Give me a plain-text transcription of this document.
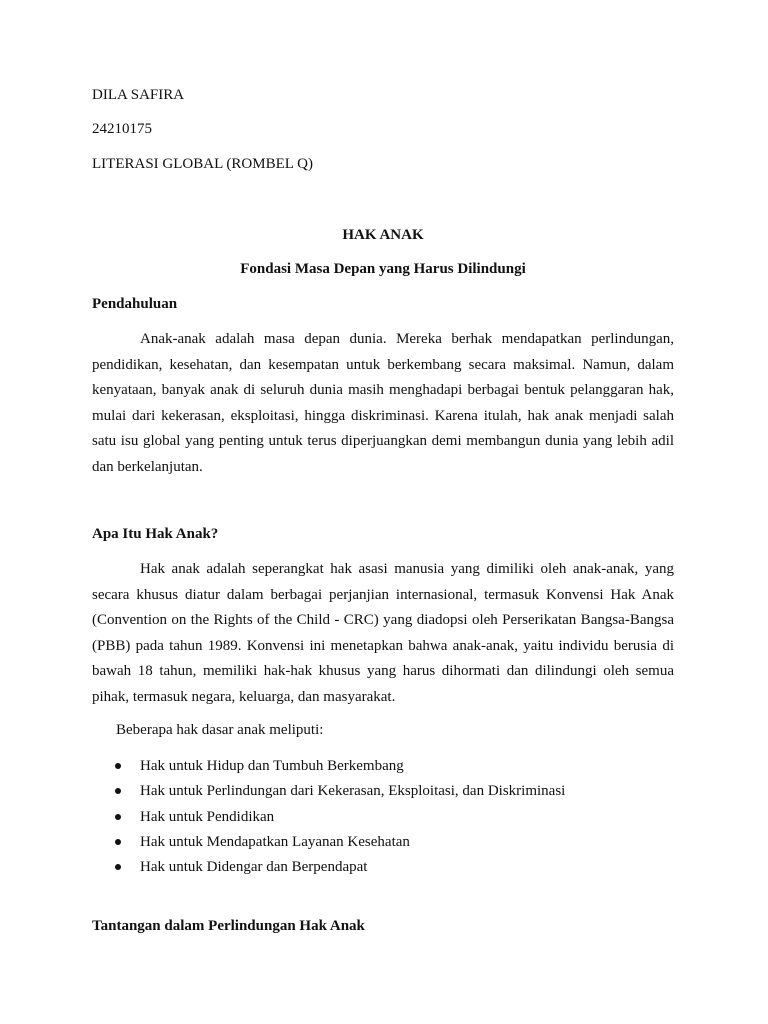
DILA SAFIRA
24210175
LITERASI GLOBAL (ROMBEL Q)
HAK ANAK
Fondasi Masa Depan yang Harus Dilindungi
Pendahuluan

Anak-anak adalah masa depan dunia. Mereka berhak mendapatkan perlindungan, pendidikan, kesehatan, dan kesempatan untuk berkembang secara maksimal. Namun, dalam kenyataan, banyak anak di seluruh dunia masih menghadapi berbagai bentuk pelanggaran hak, mulai dari kekerasan, eksploitasi, hingga diskriminasi. Karena itulah, hak anak menjadi salah satu isu global yang penting untuk terus diperjuangkan demi membangun dunia yang lebih adil dan berkelanjutan.

Apa Itu Hak Anak?

Hak anak adalah seperangkat hak asasi manusia yang dimiliki oleh anak-anak, yang secara khusus diatur dalam berbagai perjanjian internasional, termasuk Konvensi Hak Anak (Convention on the Rights of the Child - CRC) yang diadopsi oleh Perserikatan Bangsa-Bangsa (PBB) pada tahun 1989. Konvensi ini menetapkan bahwa anak-anak, yaitu individu berusia di bawah 18 tahun, memiliki hak-hak khusus yang harus dihormati dan dilindungi oleh semua pihak, termasuk negara, keluarga, dan masyarakat.

Beberapa hak dasar anak meliputi:
Hak untuk Hidup dan Tumbuh Berkembang
Hak untuk Perlindungan dari Kekerasan, Eksploitasi, dan Diskriminasi
Hak untuk Pendidikan
Hak untuk Mendapatkan Layanan Kesehatan
Hak untuk Didengar dan Berpendapat
Tantangan dalam Perlindungan Hak Anak
